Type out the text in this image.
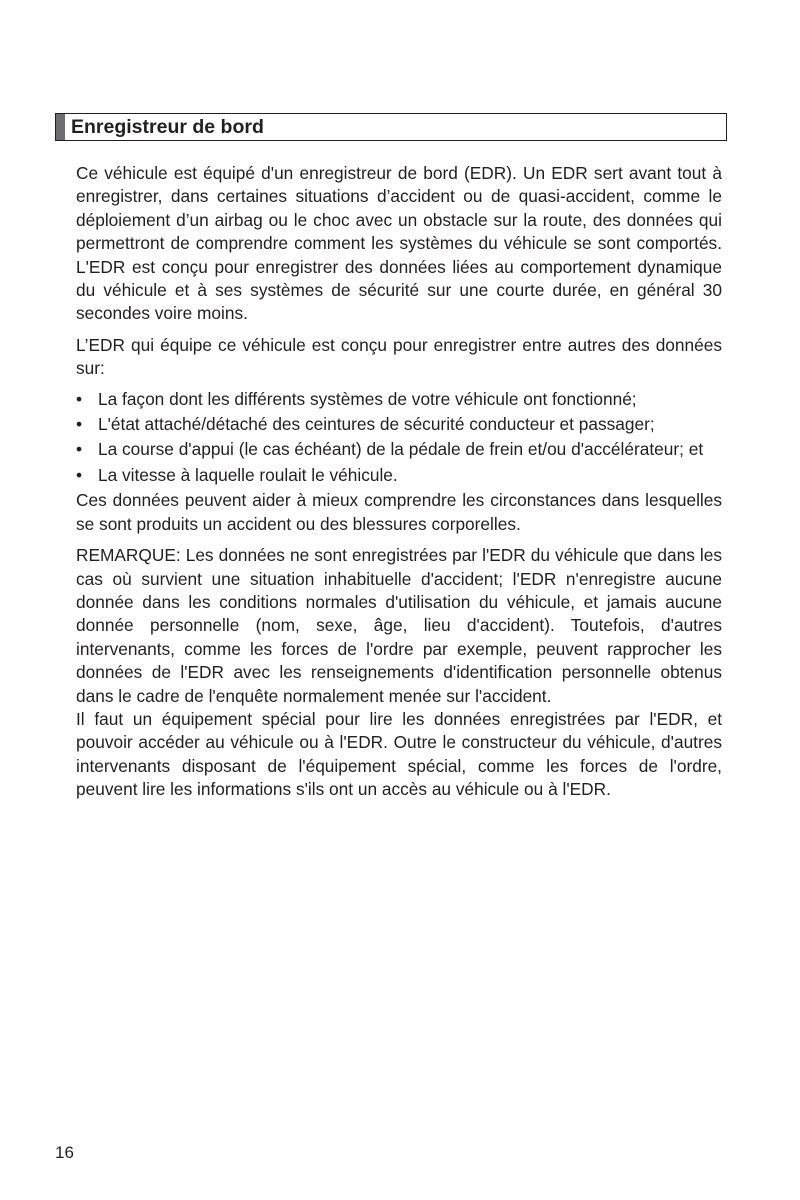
Enregistreur de bord

Ce véhicule est équipé d'un enregistreur de bord (EDR). Un EDR sert avant tout à enregistrer, dans certaines situations d’accident ou de quasi-accident, comme le déploiement d’un airbag ou le choc avec un obstacle sur la route, des données qui permettront de comprendre comment les systèmes du véhicule se sont comportés. L'EDR est conçu pour enregistrer des données liées au comportement dynamique du véhicule et à ses systèmes de sécurité sur une courte durée, en général 30 secondes voire moins.

L’EDR qui équipe ce véhicule est conçu pour enregistrer entre autres des données sur:

• La façon dont les différents systèmes de votre véhicule ont fonctionné;
• L'état attaché/détaché des ceintures de sécurité conducteur et passager;
• La course d'appui (le cas échéant) de la pédale de frein et/ou d'accélérateur; et
• La vitesse à laquelle roulait le véhicule.

Ces données peuvent aider à mieux comprendre les circonstances dans lesquelles se sont produits un accident ou des blessures corporelles.

REMARQUE: Les données ne sont enregistrées par l'EDR du véhicule que dans les cas où survient une situation inhabituelle d'accident; l'EDR n'enregistre aucune donnée dans les conditions normales d'utilisation du véhicule, et jamais aucune donnée personnelle (nom, sexe, âge, lieu d'accident). Toutefois, d'autres intervenants, comme les forces de l'ordre par exemple, peuvent rapprocher les données de l'EDR avec les renseignements d'identification personnelle obtenus dans le cadre de l'enquête normalement menée sur l'accident.

Il faut un équipement spécial pour lire les données enregistrées par l'EDR, et pouvoir accéder au véhicule ou à l'EDR. Outre le constructeur du véhicule, d'autres intervenants disposant de l'équipement spécial, comme les forces de l'ordre, peuvent lire les informations s'ils ont un accès au véhicule ou à l'EDR.

16
